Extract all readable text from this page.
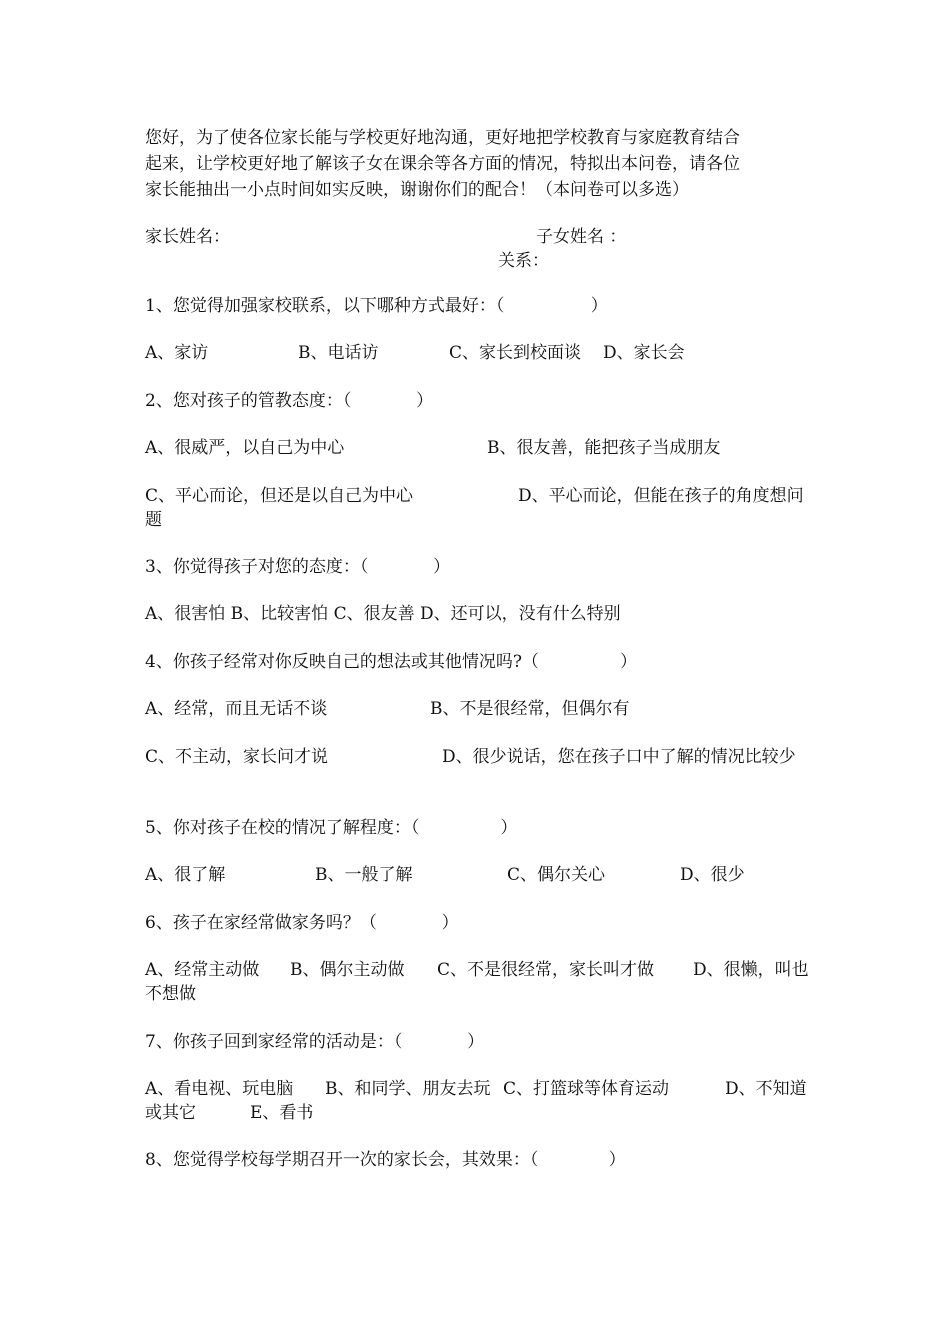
您好，为了使各位家长能与学校更好地沟通，更好地把学校教育与家庭教育结合
起来，让学校更好地了解该子女在课余等各方面的情况，特拟出本问卷，请各位
家长能抽出一小点时间如实反映，谢谢你们的配合！（本问卷可以多选）
家长姓名：	子女姓名 ：
关系：
1、您觉得加强家校联系，以下哪种方式最好：（                ）
A、家访	B、电话访	C、家长到校面谈 D、家长会
2、您对孩子的管教态度：（            ）
A、很威严，以自己为中心	B、很友善，能把孩子当成朋友
C、平心而论，但还是以自己为中心	D、平心而论，但能在孩子的角度想问题
3、你觉得孩子对您的态度：（            ）
A、很害怕 B、比较害怕 C、很友善 D、还可以，没有什么特别
4、你孩子经常对你反映自己的想法或其他情况吗?（               ）
A、经常，而且无话不谈	B、不是很经常，但偶尔有
C、不主动，家长问才说	D、很少说话，您在孩子口中了解的情况比较少
5、你对孩子在校的情况了解程度：（               ）
A、很了解	B、一般了解	C、偶尔关心	D、很少
6、孩子在家经常做家务吗？（            ）
A、经常主动做 B、偶尔主动做 C、不是很经常，家长叫才做	D、很懒，叫也不想做
7、你孩子回到家经常的活动是：（            ）
A、看电视、玩电脑 B、和同学、朋友去玩 C、打篮球等体育运动	D、不知道或其它	E、看书
8、您觉得学校每学期召开一次的家长会，其效果：（             ）
